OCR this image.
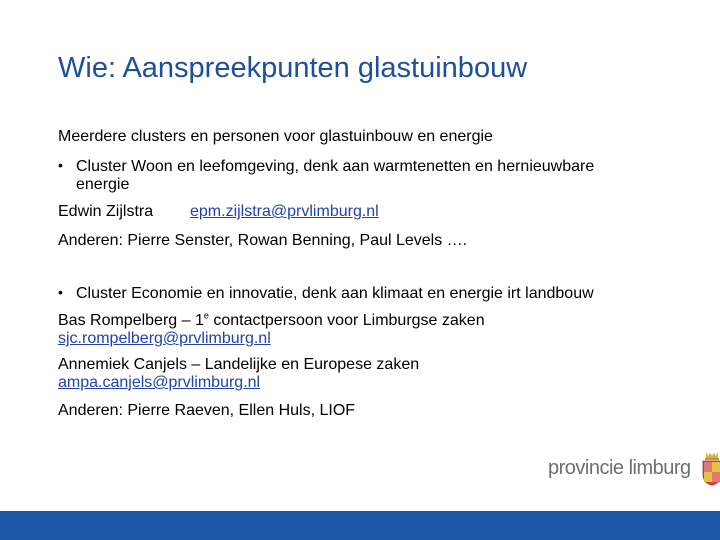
Wie: Aanspreekpunten glastuinbouw
Meerdere clusters en personen voor glastuinbouw en energie
• Cluster Woon en leefomgeving, denk aan warmtenetten en hernieuwbare
energie
Edwin Zijlstra epm.zijlstra@prvlimburg.nl
Anderen: Pierre Senster, Rowan Benning, Paul Levels ….
• Cluster Economie en innovatie, denk aan klimaat en energie irt landbouw
Bas Rompelberg – 1e contactpersoon voor Limburgse zaken
sjc.rompelberg@prvlimburg.nl
Annemiek Canjels – Landelijke en Europese zaken
ampa.canjels@prvlimburg.nl
Anderen: Pierre Raeven, Ellen Huls, LIOF
provincie limburg
